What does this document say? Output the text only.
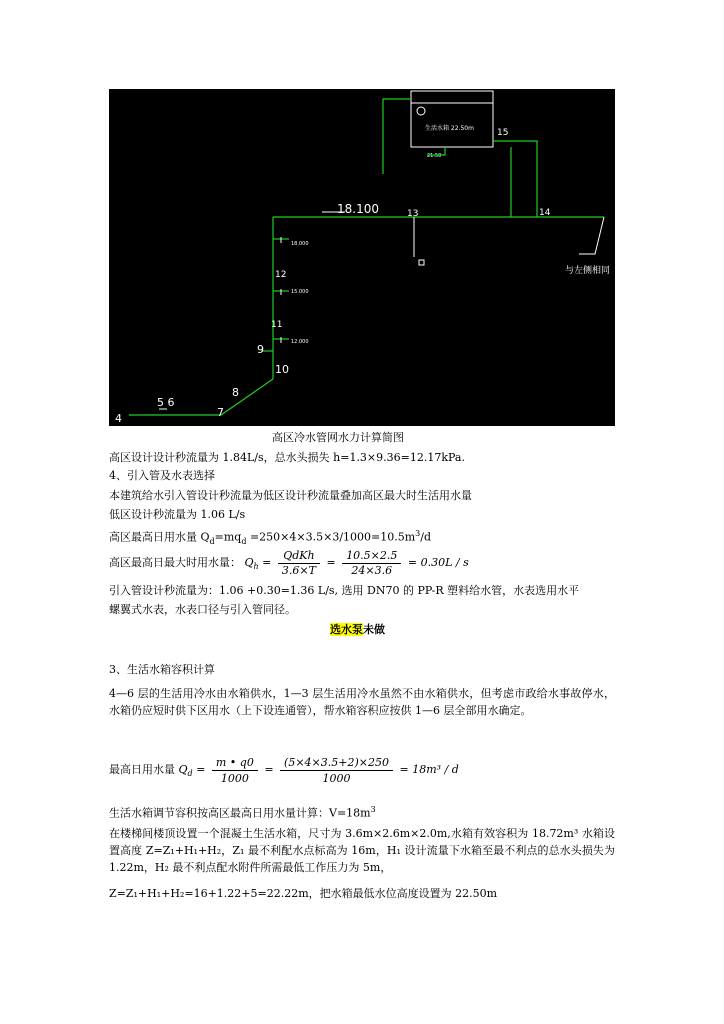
生活水箱 22.50m
21.50
18.100	13	14
15
12
11
9
10
8
7
5 6
4
18.000
15.000
12.000
与左侧相同
高区冷水管网水力计算简图
高区设计设计秒流量为 1.84L/s，总水头损失 h=1.3×9.36=12.17kPa.
4、引入管及水表选择
本建筑给水引入管设计秒流量为低区设计秒流量叠加高区最大时生活用水量
低区设计秒流量为 1.06 L/s
高区最高日用水量 $Q_d=mq_d =250\times 4\times 3.5\times 3/1000=10.5m^3/d$
高区最高日最大时用水量： $Q_h = \frac{\text{QdKh}}{3.6\times T} = \frac{10.5\times 2.5}{24\times 3.6} = 0.30L / s$
引入管设计秒流量为：1.06 +0.30=1.36 L/s, 选用 DN70 的 PP-R 塑料给水管，水表选用水平
螺翼式水表，水表口径与引入管同径。
选水泵未做
3、生活水箱容积计算
4—6 层的生活用冷水由水箱供水，1—3 层生活用冷水虽然不由水箱供水，但考虑市政给水事故停水，水箱仍应短时供下区用水（上下设连通管），帮水箱容积应按供 1—6 层全部用水确定。
最高日用水量 $Q_d = \frac{m • q0}{1000} = \frac{(5\times 4\times 3.5+2)\times 250}{1000} = 18m^3 / d$
生活水箱调节容积按高区最高日用水量计算：$V=18m^3$
在楼梯间楼顶设置一个混凝土生活水箱，尺寸为 3.6m×2.6m×2.0m,水箱有效容积为 18.72m³ 水箱设置高度 Z=Z₁+H₁+H₂，Z₁ 最不利配水点标高为 16m，H₁ 设计流量下水箱至最不利点的总水头损失为 1.22m，H₂ 最不利点配水附件所需最低工作压力为 5m，
Z=Z₁+H₁+H₂=16+1.22+5=22.22m，把水箱最低水位高度设置为 22.50m
